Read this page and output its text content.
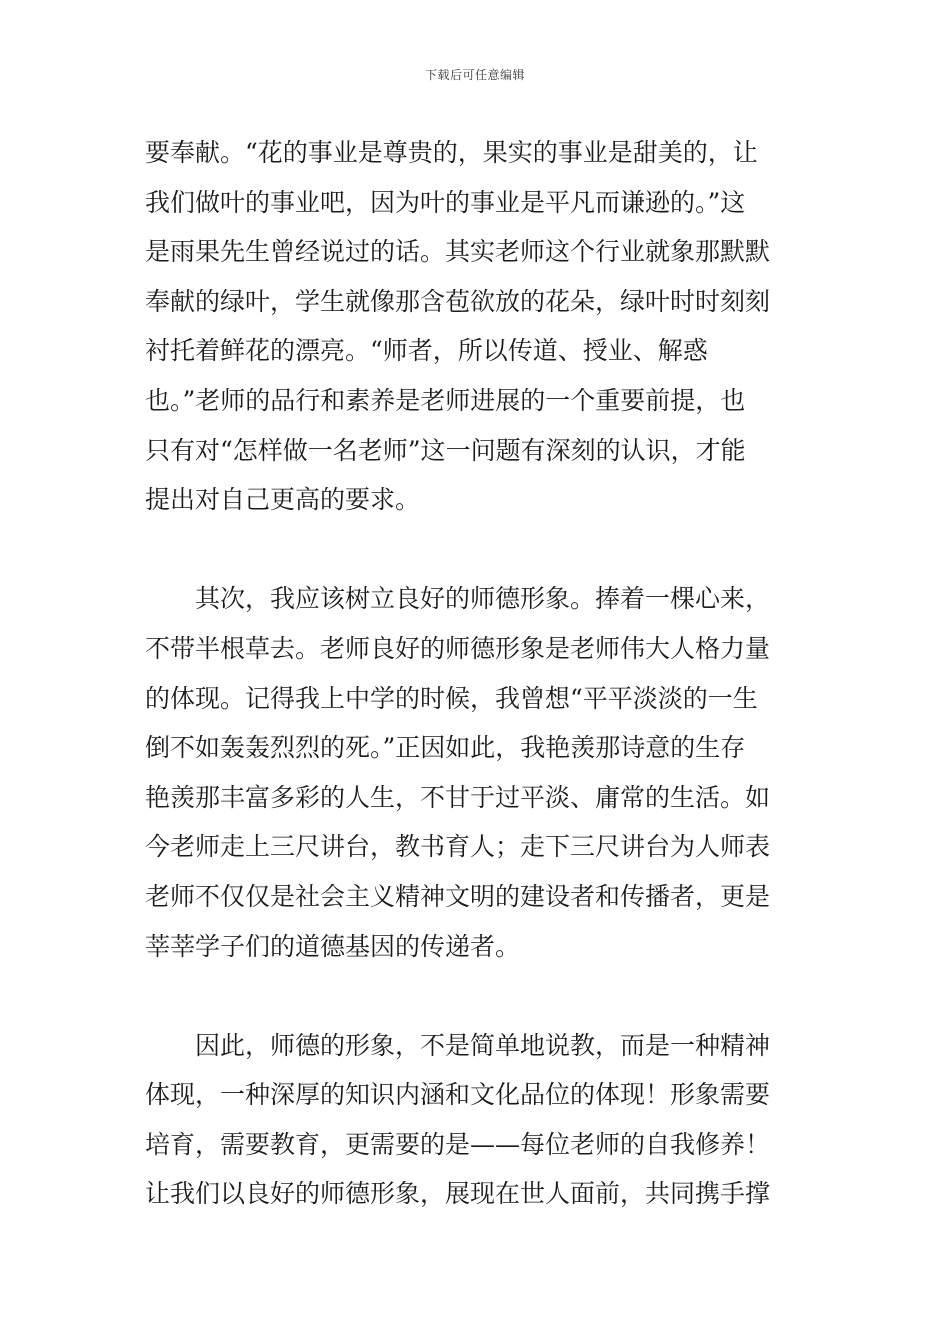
下载后可任意编辑
要奉献。“花的事业是尊贵的，果实的事业是甜美的，让
我们做叶的事业吧，因为叶的事业是平凡而谦逊的。”这
是雨果先生曾经说过的话。其实老师这个行业就象那默默
奉献的绿叶，学生就像那含苞欲放的花朵，绿叶时时刻刻
衬托着鲜花的漂亮。“师者，所以传道、授业、解惑
也。”老师的品行和素养是老师进展的一个重要前提，也
只有对“怎样做一名老师”这一问题有深刻的认识，才能
提出对自己更高的要求。
　　其次，我应该树立良好的师德形象。捧着一棵心来，
不带半根草去。老师良好的师德形象是老师伟大人格力量
的体现。记得我上中学的时候，我曾想“平平淡淡的一生
倒不如轰轰烈烈的死。”正因如此，我艳羡那诗意的生存
艳羡那丰富多彩的人生，不甘于过平淡、庸常的生活。如
今老师走上三尺讲台，教书育人；走下三尺讲台为人师表
老师不仅仅是社会主义精神文明的建设者和传播者，更是
莘莘学子们的道德基因的传递者。
　　因此，师德的形象，不是简单地说教，而是一种精神
体现，一种深厚的知识内涵和文化品位的体现！形象需要
培育，需要教育，更需要的是——每位老师的自我修养！
让我们以良好的师德形象，展现在世人面前，共同携手撑
